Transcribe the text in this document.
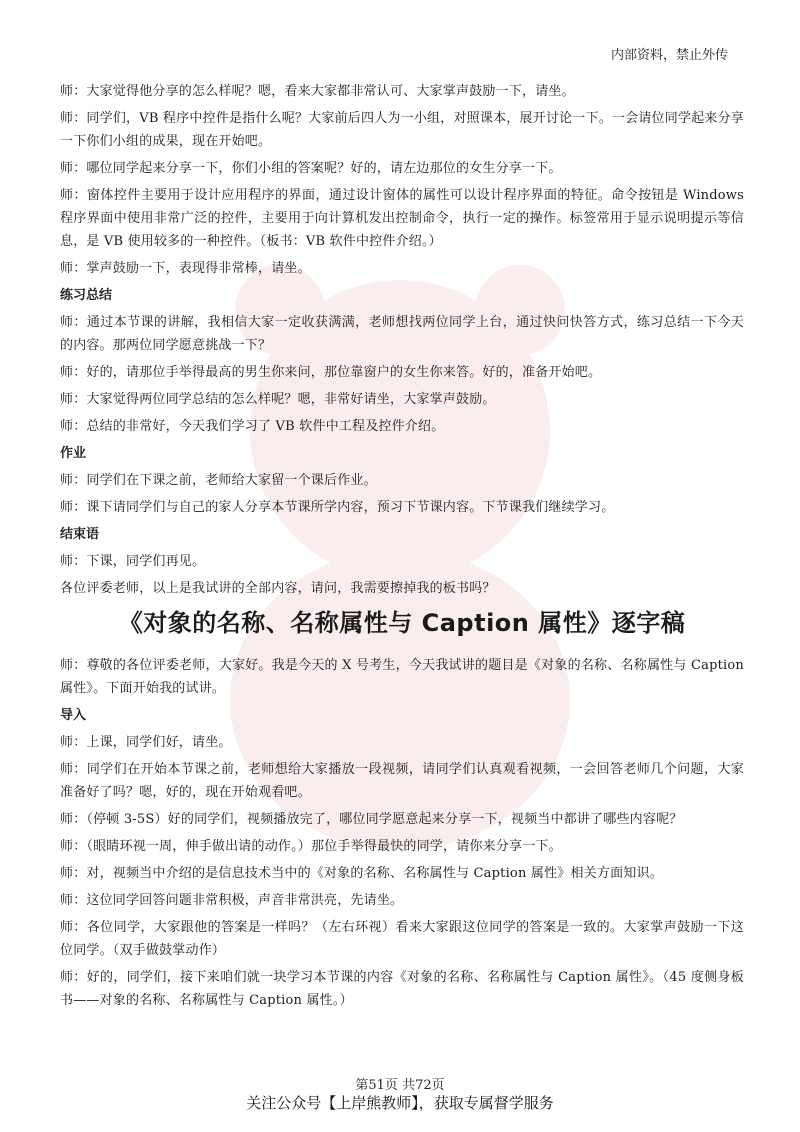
内部资料，禁止外传

师：大家觉得他分享的怎么样呢？嗯，看来大家都非常认可、大家掌声鼓励一下，请坐。

师：同学们，VB 程序中控件是指什么呢？大家前后四人为一小组，对照课本，展开讨论一下。一会请位同学起来分享一下你们小组的成果，现在开始吧。

师：哪位同学起来分享一下，你们小组的答案呢？好的，请左边那位的女生分享一下。

师：窗体控件主要用于设计应用程序的界面，通过设计窗体的属性可以设计程序界面的特征。命令按钮是 Windows 程序界面中使用非常广泛的控件，主要用于向计算机发出控制命令，执行一定的操作。标签常用于显示说明提示等信息，是 VB 使用较多的一种控件。（板书：VB 软件中控件介绍。）

师：掌声鼓励一下，表现得非常棒，请坐。

练习总结

师：通过本节课的讲解，我相信大家一定收获满满，老师想找两位同学上台，通过快问快答方式，练习总结一下今天的内容。那两位同学愿意挑战一下？

师：好的，请那位手举得最高的男生你来问，那位靠窗户的女生你来答。好的，准备开始吧。

师：大家觉得两位同学总结的怎么样呢？嗯，非常好请坐，大家掌声鼓励。

师：总结的非常好，今天我们学习了 VB 软件中工程及控件介绍。

作业

师：同学们在下课之前，老师给大家留一个课后作业。

师：课下请同学们与自己的家人分享本节课所学内容，预习下节课内容。下节课我们继续学习。

结束语

师：下课，同学们再见。

各位评委老师，以上是我试讲的全部内容，请问，我需要擦掉我的板书吗？

《对象的名称、名称属性与 Caption 属性》逐字稿

师：尊敬的各位评委老师，大家好。我是今天的 X 号考生，今天我试讲的题目是《对象的名称、名称属性与 Caption 属性》。下面开始我的试讲。

导入

师：上课，同学们好，请坐。

师：同学们在开始本节课之前，老师想给大家播放一段视频，请同学们认真观看视频，一会回答老师几个问题，大家准备好了吗？嗯，好的，现在开始观看吧。

师：（停顿 3-5S）好的同学们，视频播放完了，哪位同学愿意起来分享一下，视频当中都讲了哪些内容呢？

师：（眼睛环视一周，伸手做出请的动作。）那位手举得最快的同学，请你来分享一下。

师：对，视频当中介绍的是信息技术当中的《对象的名称、名称属性与 Caption 属性》相关方面知识。

师：这位同学回答问题非常积极，声音非常洪亮，先请坐。

师：各位同学，大家跟他的答案是一样吗？（左右环视）看来大家跟这位同学的答案是一致的。大家掌声鼓励一下这位同学。（双手做鼓掌动作）

师：好的，同学们，接下来咱们就一块学习本节课的内容《对象的名称、名称属性与 Caption 属性》。（45 度侧身板书——对象的名称、名称属性与 Caption 属性。）

第51页 共72页
关注公众号【上岸熊教师】，获取专属督学服务
